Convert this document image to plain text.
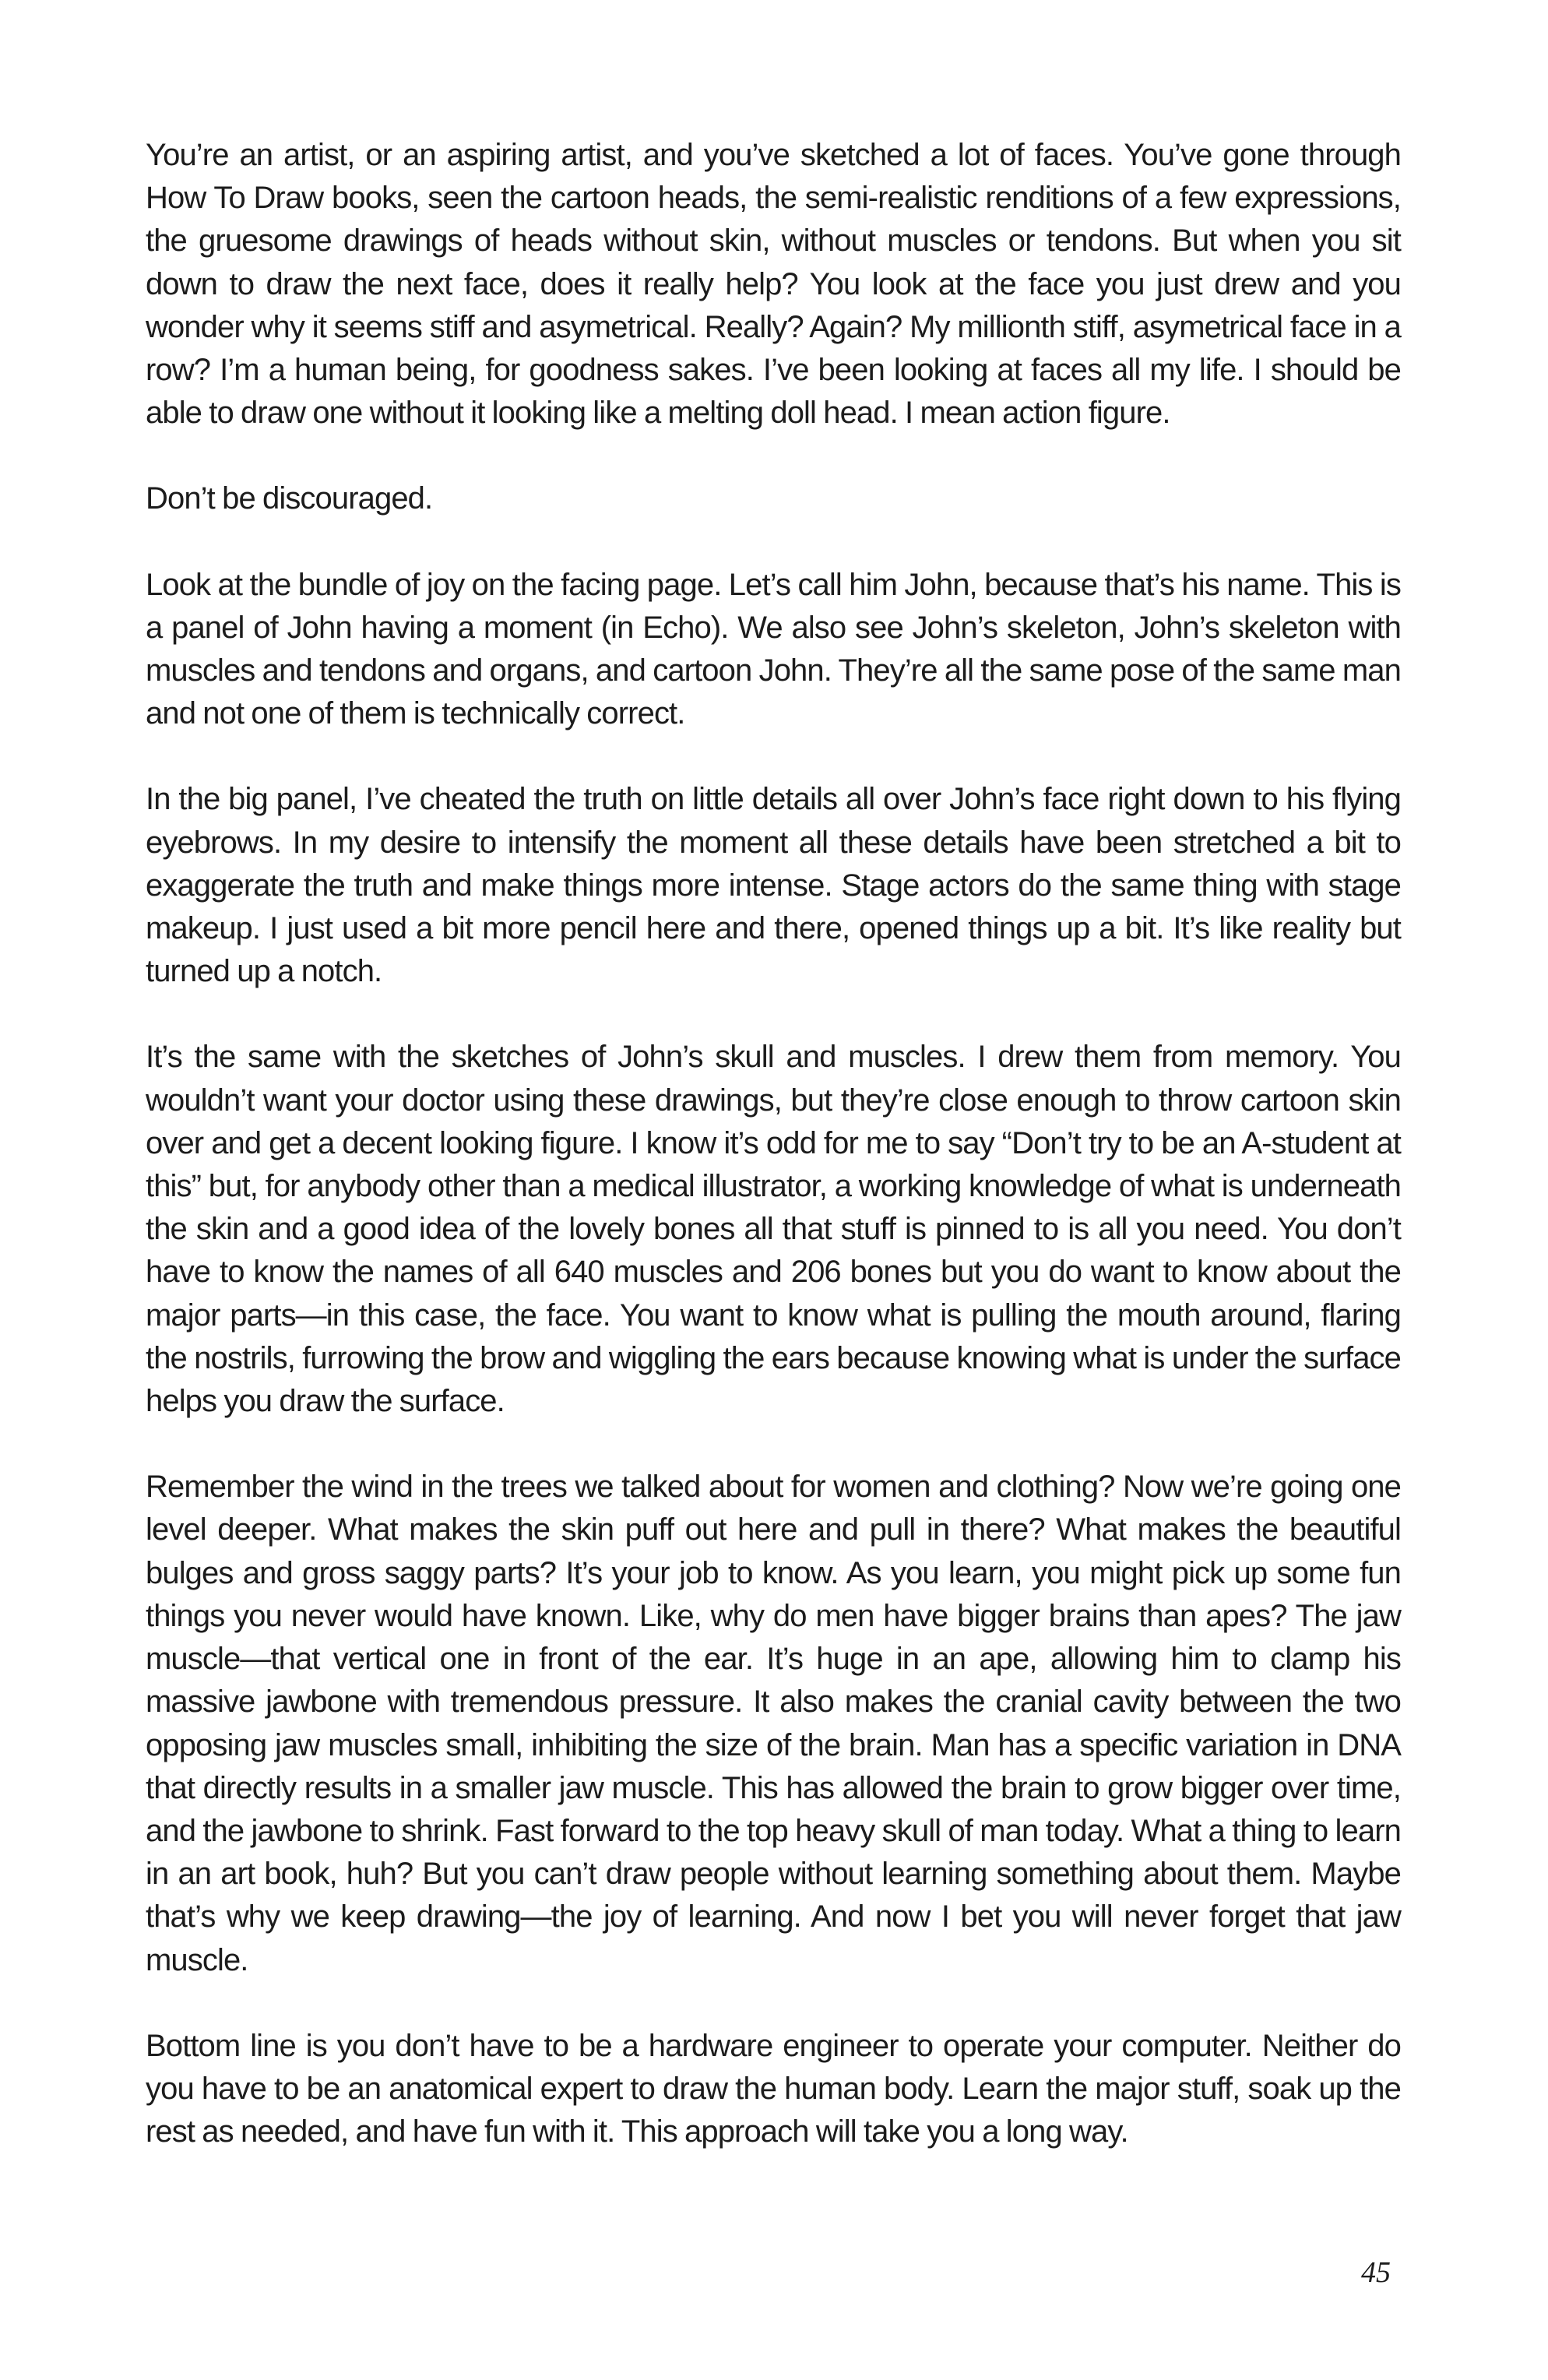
You’re an artist, or an aspiring artist, and you’ve sketched a lot of faces. You’ve gone through How To Draw books, seen the cartoon heads, the semi-realistic renditions of a few expressions, the gruesome drawings of heads without skin, without muscles or tendons. But when you sit down to draw the next face, does it really help? You look at the face you just drew and you wonder why it seems stiff and asymetrical. Really? Again? My millionth stiff, asymetrical face in a row? I’m a human being, for goodness sakes. I’ve been looking at faces all my life. I should be able to draw one without it looking like a melting doll head. I mean action figure.

Don’t be discouraged.

Look at the bundle of joy on the facing page. Let’s call him John, because that’s his name. This is a panel of John having a moment (in Echo). We also see John’s skeleton, John’s skeleton with muscles and tendons and organs, and cartoon John. They’re all the same pose of the same man and not one of them is technically correct.

In the big panel, I’ve cheated the truth on little details all over John’s face right down to his flying eyebrows. In my desire to intensify the moment all these details have been stretched a bit to exaggerate the truth and make things more intense. Stage actors do the same thing with stage makeup. I just used a bit more pencil here and there, opened things up a bit. It’s like reality but turned up a notch.

It’s the same with the sketches of John’s skull and muscles. I drew them from memory. You wouldn’t want your doctor using these drawings, but they’re close enough to throw cartoon skin over and get a decent looking figure. I know it’s odd for me to say “Don’t try to be an A-student at this” but, for anybody other than a medical illustrator, a working knowledge of what is underneath the skin and a good idea of the lovely bones all that stuff is pinned to is all you need. You don’t have to know the names of all 640 muscles and 206 bones but you do want to know about the major parts—in this case, the face. You want to know what is pulling the mouth around, flaring the nostrils, furrowing the brow and wiggling the ears because knowing what is under the surface helps you draw the surface.

Remember the wind in the trees we talked about for women and clothing? Now we’re going one level deeper. What makes the skin puff out here and pull in there? What makes the beautiful bulges and gross saggy parts? It’s your job to know. As you learn, you might pick up some fun things you never would have known. Like, why do men have bigger brains than apes? The jaw muscle—that vertical one in front of the ear. It’s huge in an ape, allowing him to clamp his massive jawbone with tremendous pressure. It also makes the cranial cavity between the two opposing jaw muscles small, inhibiting the size of the brain. Man has a specific variation in DNA that directly results in a smaller jaw muscle. This has allowed the brain to grow bigger over time, and the jawbone to shrink. Fast forward to the top heavy skull of man today. What a thing to learn in an art book, huh? But you can’t draw people without learning something about them. Maybe that’s why we keep drawing—the joy of learning. And now I bet you will never forget that jaw muscle.

Bottom line is you don’t have to be a hardware engineer to operate your computer. Neither do you have to be an anatomical expert to draw the human body. Learn the major stuff, soak up the rest as needed, and have fun with it. This approach will take you a long way.

45
